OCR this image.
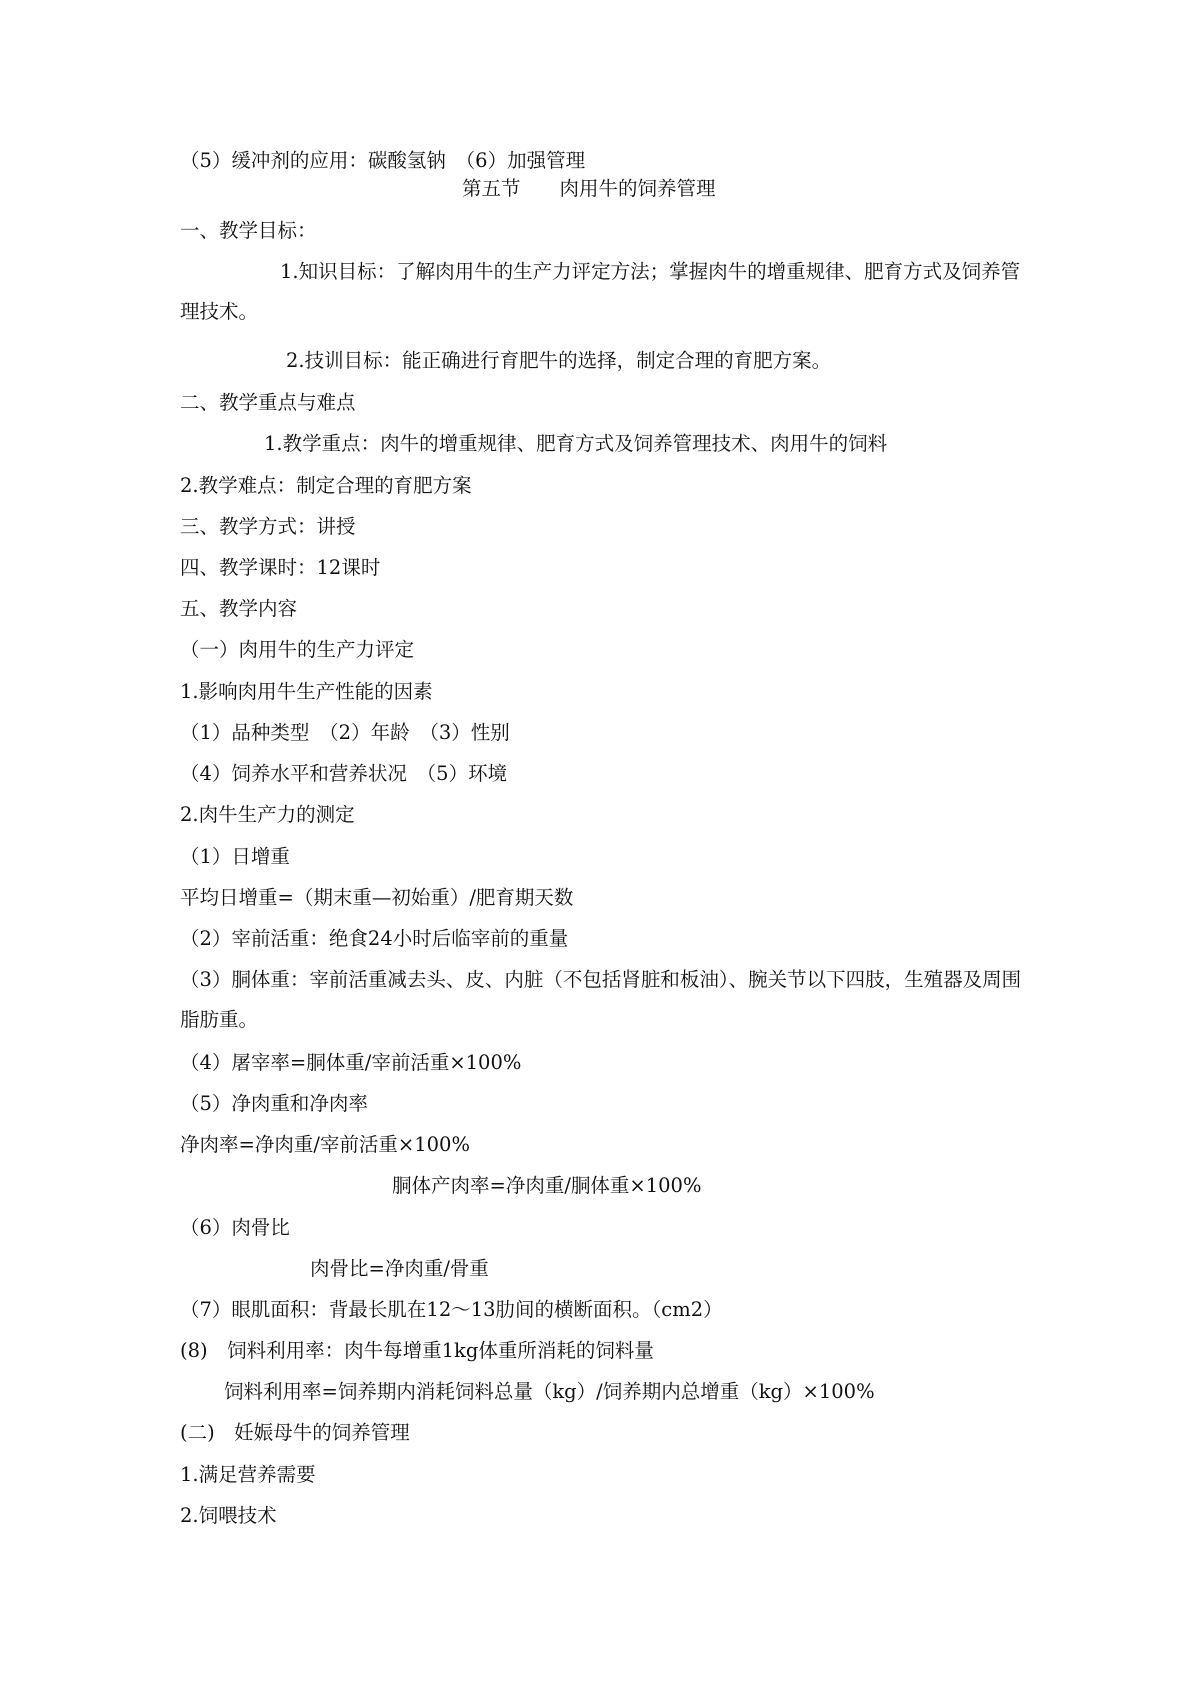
（5）缓冲剂的应用：碳酸氢钠　（6）加强管理
第五节　　肉用牛的饲养管理
一、教学目标：
1.知识目标：了解肉用牛的生产力评定方法；掌握肉牛的增重规律、肥育方式及饲养管理技术。
2.技训目标：能正确进行育肥牛的选择，制定合理的育肥方案。
二、教学重点与难点
1.教学重点：肉牛的增重规律、肥育方式及饲养管理技术、肉用牛的饲料
2.教学难点：制定合理的育肥方案
三、教学方式：讲授
四、教学课时：12课时
五、教学内容
（一）肉用牛的生产力评定
1.影响肉用牛生产性能的因素
（1）品种类型　（2）年龄　（3）性别
（4）饲养水平和营养状况　（5）环境
2.肉牛生产力的测定
（1）日增重
平均日增重=（期末重—初始重）/肥育期天数
（2）宰前活重：绝食24小时后临宰前的重量
（3）胴体重：宰前活重减去头、皮、内脏（不包括肾脏和板油）、腕关节以下四肢，生殖器及周围脂肪重。
（4）屠宰率=胴体重/宰前活重×100%
（5）净肉重和净肉率
净肉率=净肉重/宰前活重×100%
胴体产肉率=净肉重/胴体重×100%
（6）肉骨比
肉骨比=净肉重/骨重
（7）眼肌面积：背最长肌在12～13肋间的横断面积。（cm2）
(8)　饲料利用率：肉牛每增重1kg体重所消耗的饲料量
饲料利用率=饲养期内消耗饲料总量（kg）/饲养期内总增重（kg）×100%
(二)　妊娠母牛的饲养管理
1.满足营养需要
2.饲喂技术
